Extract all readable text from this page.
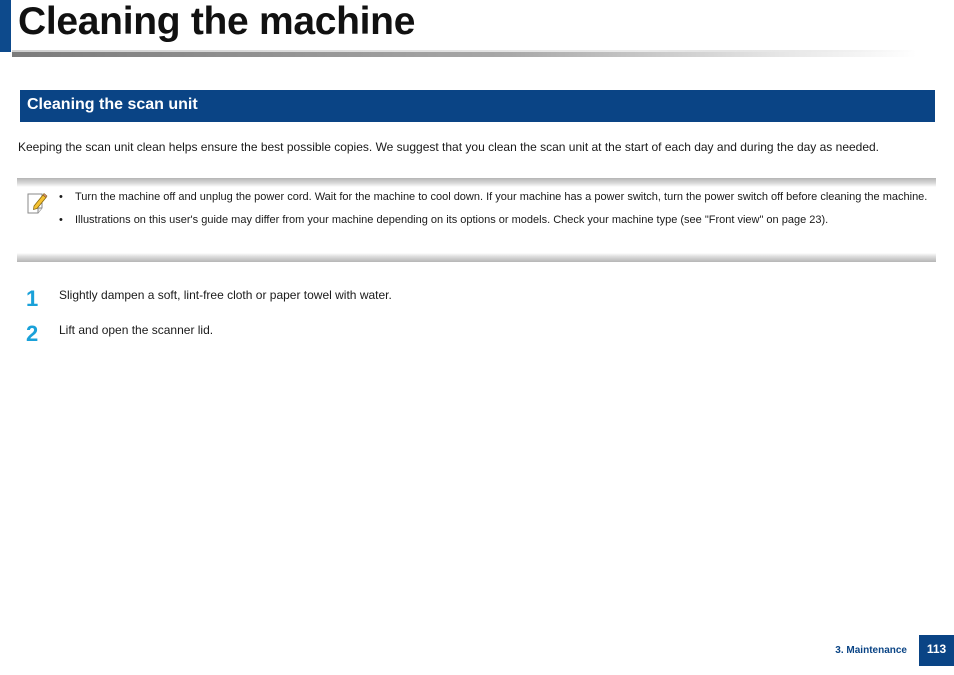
Cleaning the machine
Cleaning the scan unit

Keeping the scan unit clean helps ensure the best possible copies. We suggest that you clean the scan unit at the start of each day and during the day as needed.

• Turn the machine off and unplug the power cord. Wait for the machine to cool down. If your machine has a power switch, turn the power switch off before cleaning the machine.
• Illustrations on this user's guide may differ from your machine depending on its options or models. Check your machine type (see "Front view" on page 23).
1	Slightly dampen a soft, lint-free cloth or paper towel with water.
2	Lift and open the scanner lid.
3. Maintenance	113
